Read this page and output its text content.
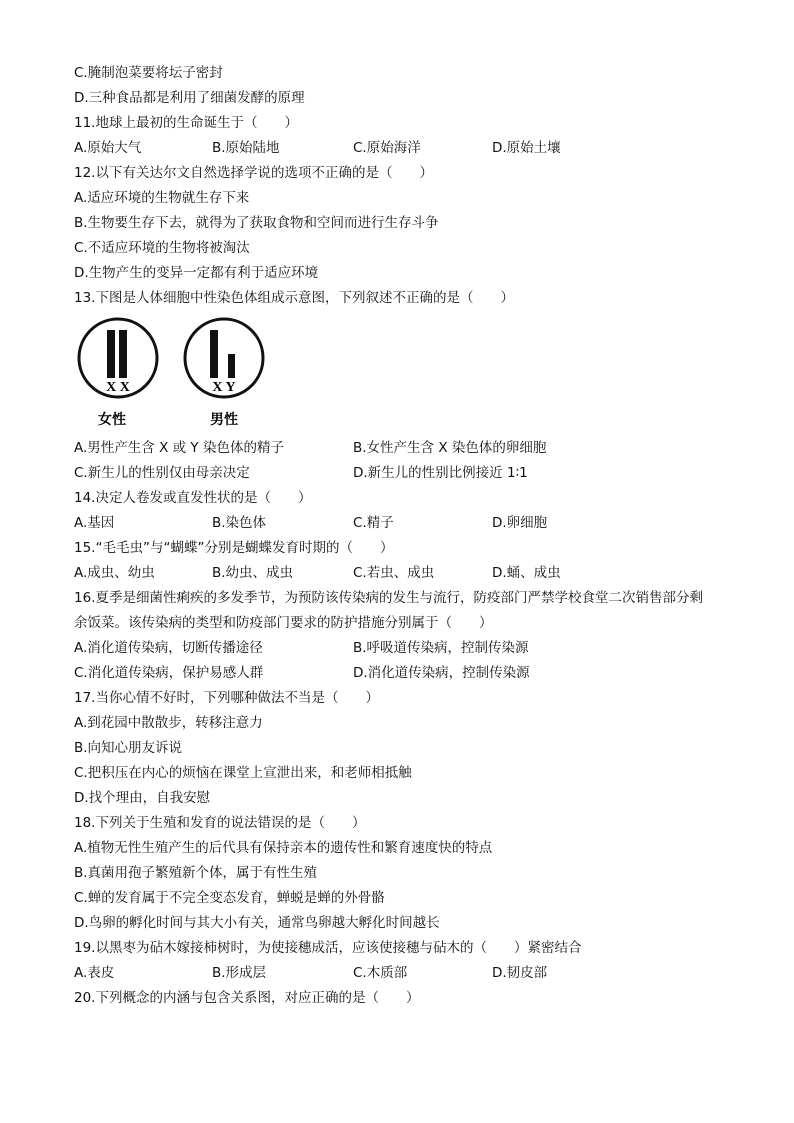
C.腌制泡菜要将坛子密封
D.三种食品都是利用了细菌发酵的原理
11.地球上最初的生命诞生于（　　）
A.原始大气	B.原始陆地	C.原始海洋	D.原始土壤
12.以下有关达尔文自然选择学说的选项不正确的是（　　）
A.适应环境的生物就生存下来
B.生物要生存下去，就得为了获取食物和空间而进行生存斗争
C.不适应环境的生物将被淘汰
D.生物产生的变异一定都有利于适应环境
13.下图是人体细胞中性染色体组成示意图，下列叙述不正确的是（　　）
X X	X Y
女性	男性
A.男性产生含 X 或 Y 染色体的精子	B.女性产生含 X 染色体的卵细胞
C.新生儿的性别仅由母亲决定	D.新生儿的性别比例接近 1∶1
14.决定人卷发或直发性状的是（　　）
A.基因	B.染色体	C.精子	D.卵细胞
15.“毛毛虫”与“蝴蝶”分别是蝴蝶发育时期的（　　）
A.成虫、幼虫	B.幼虫、成虫	C.若虫、成虫	D.蛹、成虫
16.夏季是细菌性痢疾的多发季节，为预防该传染病的发生与流行，防疫部门严禁学校食堂二次销售部分剩
余饭菜。该传染病的类型和防疫部门要求的防护措施分别属于（　　）
A.消化道传染病，切断传播途径	B.呼吸道传染病，控制传染源
C.消化道传染病，保护易感人群	D.消化道传染病，控制传染源
17.当你心情不好时，下列哪种做法不当是（　　）
A.到花园中散散步，转移注意力
B.向知心朋友诉说
C.把积压在内心的烦恼在课堂上宣泄出来，和老师相抵触
D.找个理由，自我安慰
18.下列关于生殖和发育的说法错误的是（　　）
A.植物无性生殖产生的后代具有保持亲本的遗传性和繁育速度快的特点
B.真菌用孢子繁殖新个体，属于有性生殖
C.蝉的发育属于不完全变态发育，蝉蜕是蝉的外骨骼
D.鸟卵的孵化时间与其大小有关，通常鸟卵越大孵化时间越长
19.以黑枣为砧木嫁接柿树时，为使接穗成活，应该使接穗与砧木的（　　）紧密结合
A.表皮	B.形成层	C.木质部	D.韧皮部
20.下列概念的内涵与包含关系图，对应正确的是（　　）
